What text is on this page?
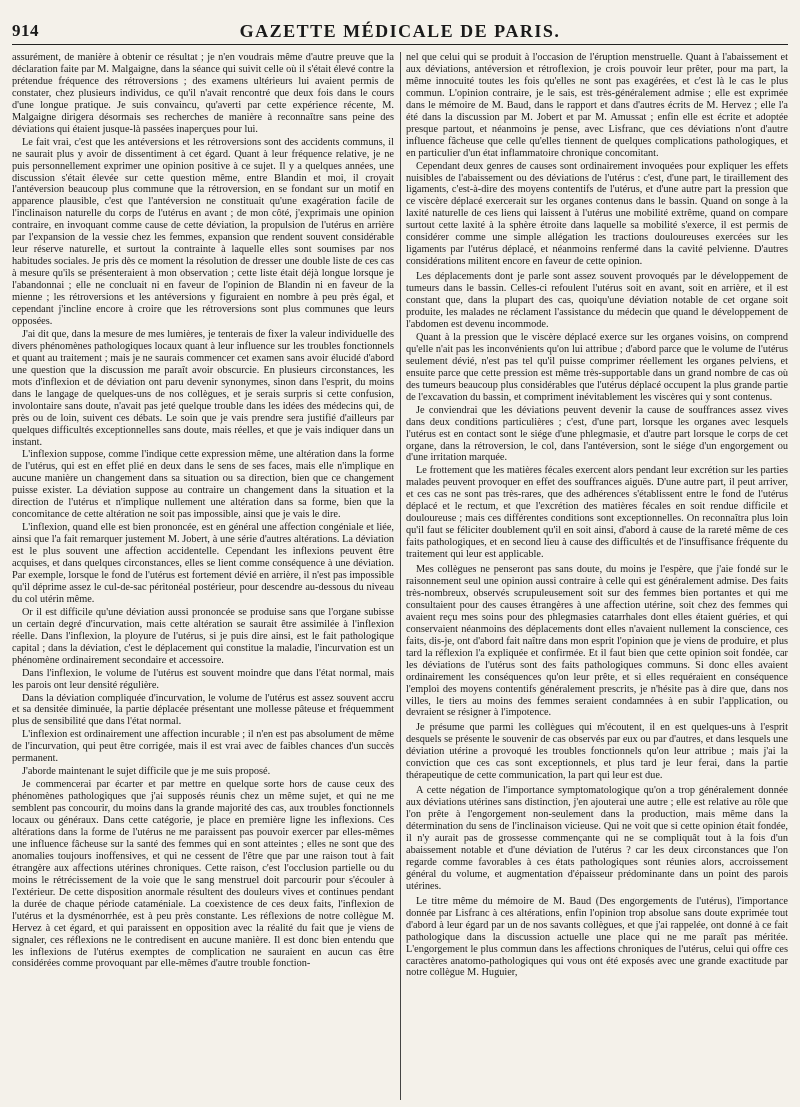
914	GAZETTE MÉDICALE DE PARIS.

assurément, de manière à obtenir ce résultat ; je n'en voudrais même d'autre preuve que la déclaration faite par M. Malgaigne, dans la séance qui suivit celle où il s'était élevé contre la prétendue fréquence des rétroversions ; des examens ultérieurs lui avaient permis de constater, chez plusieurs individus, ce qu'il n'avait rencontré que deux fois dans le cours d'une longue pratique. Je suis convaincu, qu'averti par cette expérience récente, M. Malgaigne dirigera désormais ses recherches de manière à reconnaître sans peine des déviations qui étaient jusque-là passées inaperçues pour lui.

Le fait vrai, c'est que les antéversions et les rétroversions sont des accidents communs, il ne saurait plus y avoir de dissentiment à cet égard. Quant à leur fréquence relative, je ne puis personnellement exprimer une opinion positive à ce sujet. Il y a quelques années, une discussion s'était élevée sur cette question même, entre Blandin et moi, il croyait l'antéversion beaucoup plus commune que la rétroversion, en se fondant sur un motif en apparence plausible, c'est que l'antéversion ne constituait qu'une exagération facile de l'inclinaison naturelle du corps de l'utérus en avant ; de mon côté, j'exprimais une opinion contraire, en invoquant comme cause de cette déviation, la propulsion de l'utérus en arrière par l'expansion de la vessie chez les femmes, expansion que rendent souvent considérable leur réserve naturelle, et surtout la contrainte à laquelle elles sont soumises par nos habitudes sociales. Je pris dès ce moment la résolution de dresser une double liste de ces cas à mesure qu'ils se présenteraient à mon observation ; cette liste était déjà longue lorsque je l'abandonnai ; elle ne concluait ni en faveur de l'opinion de Blandin ni en faveur de la mienne ; les rétroversions et les antéversions y figuraient en nombre à peu près égal, et cependant j'incline encore à croire que les rétroversions sont plus communes que leurs opposées.

J'ai dit que, dans la mesure de mes lumières, je tenterais de fixer la valeur individuelle des divers phénomènes pathologiques locaux quant à leur influence sur les troubles fonctionnels et quant au traitement ; mais je ne saurais commencer cet examen sans avoir élucidé d'abord une question que la discussion me paraît avoir obscurcie. En plusieurs circonstances, les mots d'inflexion et de déviation ont paru devenir synonymes, sinon dans l'esprit, du moins dans le langage de quelques-uns de nos collègues, et je serais surpris si cette confusion, involontaire sans doute, n'avait pas jeté quelque trouble dans les idées des médecins qui, de près ou de loin, suivent ces débats. Le soin que je vais prendre sera justifié d'ailleurs par quelques difficultés exceptionnelles sans doute, mais réelles, et que je vais indiquer dans un instant.

L'inflexion suppose, comme l'indique cette expression même, une altération dans la forme de l'utérus, qui est en effet plié en deux dans le sens de ses faces, mais elle n'implique en aucune manière un changement dans sa situation ou sa direction, bien que ce changement puisse exister. La déviation suppose au contraire un changement dans la situation et la direction de l'utérus et n'implique nullement une altération dans sa forme, bien que la concomitance de cette altération ne soit pas impossible, ainsi que je vais le dire.

L'inflexion, quand elle est bien prononcée, est en général une affection congéniale et liée, ainsi que l'a fait remarquer justement M. Jobert, à une série d'autres altérations. La déviation est le plus souvent une affection accidentelle. Cependant les inflexions peuvent être acquises, et dans quelques circonstances, elles se lient comme conséquence à une déviation. Par exemple, lorsque le fond de l'utérus est fortement dévié en arrière, il n'est pas impossible qu'il déprime assez le cul-de-sac péritonéal postérieur, pour descendre au-dessous du niveau du col utérin même.

Or il est difficile qu'une déviation aussi prononcée se produise sans que l'organe subisse un certain degré d'incurvation, mais cette altération se saurait être assimilée à l'inflexion réelle. Dans l'inflexion, la ployure de l'utérus, si je puis dire ainsi, est le fait pathologique capital ; dans la déviation, c'est le déplacement qui constitue la maladie, l'incurvation est un phénomène ordinairement secondaire et accessoire.

Dans l'inflexion, le volume de l'utérus est souvent moindre que dans l'état normal, mais les parois ont leur densité régulière.

Dans la déviation compliquée d'incurvation, le volume de l'utérus est assez souvent accru et sa densitée diminuée, la partie déplacée présentant une mollesse pâteuse et fréquemment plus de sensibilité que dans l'état normal.

L'inflexion est ordinairement une affection incurable ; il n'en est pas absolument de même de l'incurvation, qui peut être corrigée, mais il est vrai avec de faibles chances d'un succès permanent.

J'aborde maintenant le sujet difficile que je me suis proposé.

Je commencerai par écarter et par mettre en quelque sorte hors de cause ceux des phénomènes pathologiques que j'ai supposés réunis chez un même sujet, et qui ne me semblent pas concourir, du moins dans la grande majorité des cas, aux troubles fonctionnels locaux ou généraux. Dans cette catégorie, je place en première ligne les inflexions. Ces altérations dans la forme de l'utérus ne me paraissent pas pouvoir exercer par elles-mêmes une influence fâcheuse sur la santé des femmes qui en sont atteintes ; elles ne sont que des anomalies toujours inoffensives, et qui ne cessent de l'être que par une raison tout à fait étrangère aux affections utérines chroniques. Cette raison, c'est l'occlusion partielle ou du moins le rétrécissement de la voie que le sang menstruel doit parcourir pour s'écouler à l'extérieur. De cette disposition anormale résultent des douleurs vives et continues pendant la durée de chaque période cataméniale. La coexistence de ces deux faits, l'inflexion de l'utérus et la dysménorrhée, est à peu près constante. Les réflexions de notre collègue M. Hervez à cet égard, et qui paraissent en opposition avec la réalité du fait que je viens de signaler, ces réflexions ne le contredisent en aucune manière. Il est donc bien entendu que les inflexions de l'utérus exemptes de complication ne sauraient en aucun cas être considérées comme provoquant par elle-mêmes d'autre trouble fonction-

nel que celui qui se produit à l'occasion de l'éruption menstruelle. Quant à l'abaissement et aux déviations, antéversion et rétroflexion, je crois pouvoir leur prêter, pour ma part, la même innocuité toutes les fois qu'elles ne sont pas exagérées, et c'est là le cas le plus commun. L'opinion contraire, je le sais, est très-généralement admise ; elle est exprimée dans le mémoire de M. Baud, dans le rapport et dans d'autres écrits de M. Hervez ; elle l'a été dans la discussion par M. Jobert et par M. Amussat ; enfin elle est écrite et adoptée presque partout, et néanmoins je pense, avec Lisfranc, que ces déviations n'ont d'autre influence fâcheuse que celle qu'elles tiennent de quelques complications pathologiques, et en particulier d'un état inflammatoire chronique concomitant.

Cependant deux genres de causes sont ordinairement invoquées pour expliquer les effets nuisibles de l'abaissement ou des déviations de l'utérus : c'est, d'une part, le tiraillement des ligaments, c'est-à-dire des moyens contentifs de l'utérus, et d'une autre part la pression que ce viscère déplacé exercerait sur les organes contenus dans le bassin. Quand on songe à la laxité naturelle de ces liens qui laissent à l'utérus une mobilité extrême, quand on compare surtout cette laxité à la sphère étroite dans laquelle sa mobilité s'exerce, il est permis de considérer comme une simple allégation les tractions douloureuses exercées sur les ligaments par l'utérus déplacé, et néanmoins renfermé dans la cavité pelvienne. D'autres considérations militent encore en faveur de cette opinion.

Les déplacements dont je parle sont assez souvent provoqués par le développement de tumeurs dans le bassin. Celles-ci refoulent l'utérus soit en avant, soit en arrière, et il est constant que, dans la plupart des cas, quoiqu'une déviation notable de cet organe soit produite, les malades ne réclament l'assistance du médecin que quand le développement de l'abdomen est devenu incommode.

Quant à la pression que le viscère déplacé exerce sur les organes voisins, on comprend qu'elle n'ait pas les inconvénients qu'on lui attribue ; d'abord parce que le volume de l'utérus seulement dévié, n'est pas tel qu'il puisse comprimer réellement les organes pelviens, et ensuite parce que cette pression est même très-supportable dans un grand nombre de cas où des tumeurs beaucoup plus considérables que l'utérus déplacé occupent la plus grande partie de l'excavation du bassin, et compriment inévitablement les viscères qui y sont contenus.

Je conviendrai que les déviations peuvent devenir la cause de souffrances assez vives dans deux conditions particulières ; c'est, d'une part, lorsque les organes avec lesquels l'utérus est en contact sont le siége d'une phlegmasie, et d'autre part lorsque le corps de cet organe, dans la rétroversion, le col, dans l'antéversion, sont le siége d'un engorgement ou d'une irritation marquée.

Le frottement que les matières fécales exercent alors pendant leur excrétion sur les parties malades peuvent provoquer en effet des souffrances aiguës. D'une autre part, il peut arriver, et ces cas ne sont pas très-rares, que des adhérences s'établissent entre le fond de l'utérus déplacé et le rectum, et que l'excrétion des matières fécales en soit rendue difficile et douloureuse ; mais ces différentes conditions sont exceptionnelles. On reconnaîtra plus loin qu'il faut se féliciter doublement qu'il en soit ainsi, d'abord à cause de la rareté même de ces faits pathologiques, et en second lieu à cause des difficultés et de l'insuffisance fréquente du traitement qui leur est applicable.

Mes collègues ne penseront pas sans doute, du moins je l'espère, que j'aie fondé sur le raisonnement seul une opinion aussi contraire à celle qui est généralement admise. Des faits très-nombreux, observés scrupuleusement soit sur des femmes bien portantes et qui me consultaient pour des causes étrangères à une affection utérine, soit chez des femmes qui avaient reçu mes soins pour des phlegmasies catarrhales dont elles étaient guéries, et qui conservaient néanmoins des déplacements dont elles n'avaient nullement la conscience, ces faits, dis-je, ont d'abord fait naître dans mon esprit l'opinion que je viens de produire, et plus tard la réflexion l'a expliquée et confirmée. Et il faut bien que cette opinion soit fondée, car les déviations de l'utérus sont des faits pathologiques communs. Si donc elles avaient ordinairement les conséquences qu'on leur prête, et si elles requéraient en conséquence l'emploi des moyens contentifs généralement prescrits, je n'hésite pas à dire que, dans nos villes, le tiers au moins des femmes seraient condamnées à en subir l'application, ou devraient se résigner à l'impotence.

Je présume que parmi les collègues qui m'écoutent, il en est quelques-uns à l'esprit desquels se présente le souvenir de cas observés par eux ou par d'autres, et dans lesquels une déviation utérine a provoqué les troubles fonctionnels qu'on leur attribue ; mais j'ai la conviction que ces cas sont exceptionnels, et plus tard je leur ferai, dans la partie thérapeutique de cette communication, la part qui leur est due.

A cette négation de l'importance symptomatologique qu'on a trop généralement donnée aux déviations utérines sans distinction, j'en ajouterai une autre ; elle est relative au rôle que l'on prête à l'engorgement non-seulement dans la production, mais même dans la détermination du sens de l'inclinaison vicieuse. Qui ne voit que si cette opinion était fondée, il n'y aurait pas de grossesse commençante qui ne se compliquât tout à la fois d'un abaissement notable et d'une déviation de l'utérus ? car les deux circonstances que l'on regarde comme favorables à ces états pathologiques sont réunies alors, accroissement général du volume, et augmentation d'épaisseur prédominante dans un point des parois utérines.

Le titre même du mémoire de M. Baud (Des engorgements de l'utérus), l'importance donnée par Lisfranc à ces altérations, enfin l'opinion trop absolue sans doute exprimée tout d'abord à leur égard par un de nos savants collègues, et que j'ai rappelée, ont donné à ce fait pathologique dans la discussion actuelle une place qui ne me paraît pas méritée. L'engorgement le plus commun dans les affections chroniques de l'utérus, celui qui offre ces caractères anatomo-pathologiques qui vous ont été exposés avec une grande exactitude par notre collègue M. Huguier,
